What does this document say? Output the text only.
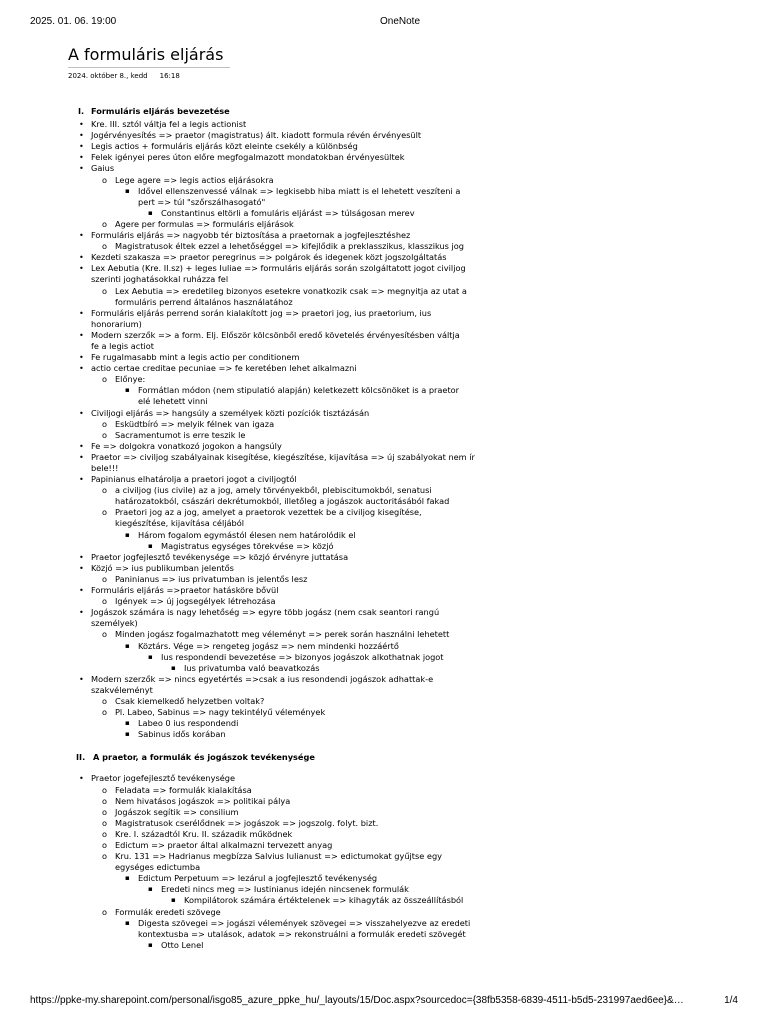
2025. 01. 06. 19:00	OneNote
A formuláris eljárás
2024. október 8., kedd 16:18
I. Formuláris eljárás bevezetése
• Kre. III. sztól váltja fel a legis actionist
• Jogérvényesítés => praetor (magistratus) ált. kiadott formula révén érvényesült
• Legis actios + formuláris eljárás közt eleinte csekély a különbség
• Felek igényei peres úton előre megfogalmazott mondatokban érvényesültek
• Gaius
o Lege agere => legis actios eljárásokra
▪ Idővel ellenszenvessé válnak => legkisebb hiba miatt is el lehetett veszíteni a
pert => túl "szőrszálhasogató"
▪ Constantinus eltörli a fomuláris eljárást => túlságosan merev
o Agere per formulas => formuláris eljárások
• Formuláris eljárás => nagyobb tér biztosítása a praetornak a jogfejlesztéshez
o Magistratusok éltek ezzel a lehetőséggel => kifejlődik a preklasszikus, klasszikus jog
• Kezdeti szakasza => praetor peregrinus => polgárok és idegenek közt jogszolgáltatás
• Lex Aebutia (Kre. II.sz) + leges Iuliae => formuláris eljárás során szolgáltatott jogot civiljog
szerinti joghatásokkal ruházza fel
o Lex Aebutia => eredetileg bizonyos esetekre vonatkozik csak => megnyitja az utat a
formuláris perrend általános használatához
• Formuláris eljárás perrend során kialakított jog => praetori jog, ius praetorium, ius
honorarium)
• Modern szerzők => a form. Elj. Először kölcsönből eredő követelés érvényesítésben váltja
fe a legis actiot
• Fe rugalmasabb mint a legis actio per conditionem
• actio certae creditae pecuniae => fe keretében lehet alkalmazni
o Előnye:
▪ Formátlan módon (nem stipulatió alapján) keletkezett kölcsönöket is a praetor
elé lehetett vinni
• Civiljogi eljárás => hangsúly a személyek közti pozíciók tisztázásán
o Esküdtbíró => melyik félnek van igaza
o Sacramentumot is erre teszik le
• Fe => dolgokra vonatkozó jogokon a hangsúly
• Praetor => civiljog szabályainak kisegítése, kiegészítése, kijavítása => új szabályokat nem ír
bele!!!
• Papinianus elhatárolja a praetori jogot a civiljogtól
o a civiljog (ius civile) az a jog, amely törvényekből, plebiscitumokból, senatusi
határozatokból, császári dekrétumokból, illetőleg a jogászok auctoritásából fakad
o Praetori jog az a jog, amelyet a praetorok vezettek be a civiljog kisegítése,
kiegészítése, kijavítása céljából
▪ Három fogalom egymástól élesen nem határolódik el
▪ Magistratus egységes törekvése => közjó
• Praetor jogfejlesztő tevékenysége => közjó érvényre juttatása
• Közjó => ius publikumban jelentős
o Paninianus => ius privatumban is jelentős lesz
• Formuláris eljárás =>praetor hatásköre bővül
o Igények => új jogsegélyek létrehozása
• Jogászok számára is nagy lehetőség => egyre több jogász (nem csak seantori rangú
személyek)
o Minden jogász fogalmazhatott meg véleményt => perek során használni lehetett
▪ Köztárs. Vége => rengeteg jogász => nem mindenki hozzáértő
▪ Ius respondendi bevezetése => bizonyos jogászok alkothatnak jogot
▪ Ius privatumba való beavatkozás
• Modern szerzők => nincs egyetértés =>csak a ius resondendi jogászok adhattak-e
szakvéleményt
o Csak kiemelkedő helyzetben voltak?
o Pl. Labeo, Sabinus => nagy tekintélyű vélemények
▪ Labeo 0 ius respondendi
▪ Sabinus idős korában
II. A praetor, a formulák és jogászok tevékenysége
• Praetor jogefejlesztő tevékenysége
o Feladata => formulák kialakítása
o Nem hivatásos jogászok => politikai pálya
o Jogászok segítik => consilium
o Magistratusok cserélődnek => jogászok => jogszolg. folyt. bizt.
o Kre. I. századtól Kru. II. századik működnek
o Edictum => praetor által alkalmazni tervezett anyag
o Kru. 131 => Hadrianus megbízza Salvius Iulianust => edictumokat gyűjtse egy
egységes edictumba
▪ Edictum Perpetuum => lezárul a jogfejlesztő tevékenység
▪ Eredeti nincs meg => Iustinianus idején nincsenek formulák
▪ Kompilátorok számára értéktelenek => kihagyták az összeállításból
o Formulák eredeti szövege
▪ Digesta szövegei => jogászi vélemények szövegei => visszahelyezve az eredeti
kontextusba => utalások, adatok => rekonstruálni a formulák eredeti szövegét
▪ Otto Lenel
https://ppke-my.sharepoint.com/personal/isgo85_azure_ppke_hu/_layouts/15/Doc.aspx?sourcedoc={38fb5358-6839-4511-b5d5-231997aed6ee}&…	1/4
